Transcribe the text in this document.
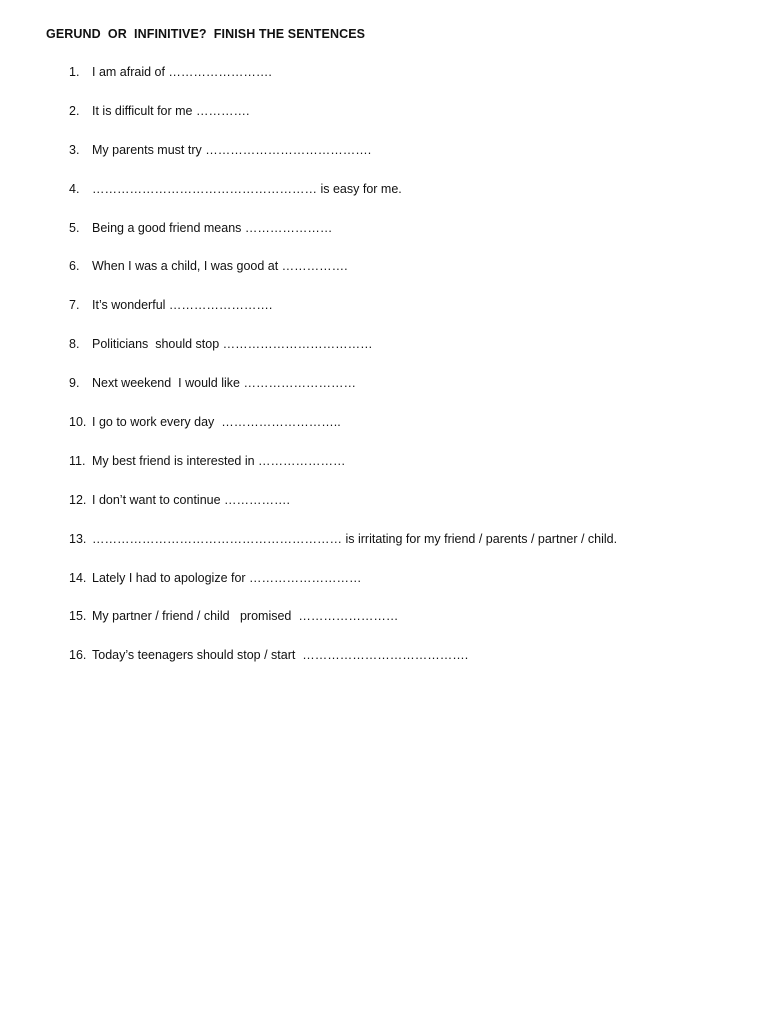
GERUND  OR  INFINITIVE?  FINISH THE SENTENCES

1.

I am afraid of …………………….

2.

It is difficult for me ………….

3.

My parents must try ………………………………….

4.

……………………………………………… is easy for me.

5.

Being a good friend means …………………

6.

When I was a child, I was good at …………….

7.

It’s wonderful …………………….

8.

Politicians  should stop ………………………………

9.

Next weekend  I would like ………………………

10.

I go to work every day  ………………………..

11.

My best friend is interested in …………………

12.

I don’t want to continue …………….

13.

…………………………………………………… is irritating for my friend / parents / partner / child.

14.

Lately I had to apologize for ………………………

15.

My partner / friend / child   promised  ……………………

16.

Today’s teenagers should stop / start  ………………………………….
